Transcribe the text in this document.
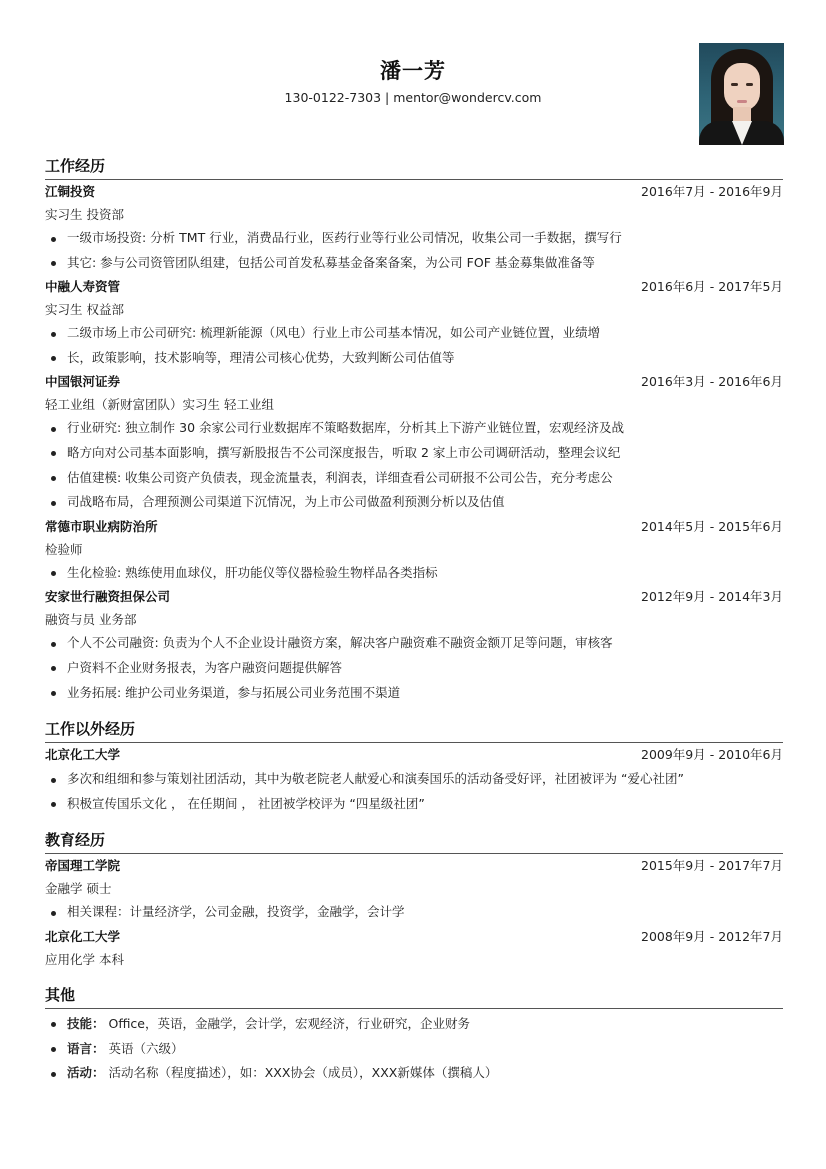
潘一芳
130-0122-7303 | mentor@wondercv.com
工作经历
江铜投资	2016年7月 - 2016年9月
实习生 投资部
一级市场投资: 分析 TMT 行业，消费品行业，医药行业等行业公司情况，收集公司一手数据，撰写行
其它: 参与公司资管团队组建，包括公司首发私募基金备案备案，为公司 FOF 基金募集做准备等
中融人寿资管	2016年6月 - 2017年5月
实习生 权益部
二级市场上市公司研究: 梳理新能源（风电）行业上市公司基本情况，如公司产业链位置，业绩增
长，政策影响，技术影响等，理清公司核心优势，大致判断公司估值等
中国银河证券	2016年3月 - 2016年6月
轻工业组（新财富团队）实习生 轻工业组
行业研究: 独立制作 30 余家公司行业数据库不策略数据库，分析其上下游产业链位置，宏观经济及战
略方向对公司基本面影响，撰写新股报告不公司深度报告，听取 2 家上市公司调研活动，整理会议纪
估值建模: 收集公司资产负债表，现金流量表，利润表，详细查看公司研报不公司公告，充分考虑公
司战略布局，合理预测公司渠道下沉情况，为上市公司做盈利预测分析以及估值
常德市职业病防治所	2014年5月 - 2015年6月
检验师
生化检验: 熟练使用血球仪，肝功能仪等仪器检验生物样品各类指标
安家世行融资担保公司	2012年9月 - 2014年3月
融资与员 业务部
个人不公司融资: 负责为个人不企业设计融资方案，解决客户融资难不融资金额丌足等问题，审核客
户资料不企业财务报表，为客户融资问题提供解答
业务拓展: 维护公司业务渠道，参与拓展公司业务范围不渠道
工作以外经历
北京化工大学	2009年9月 - 2010年6月
多次和组细和参与策划社团活动，其中为敬老院老人献爱心和演奏国乐的活动备受好评，社团被评为 “爱心社团”
积极宣传国乐文化 ， 在任期间 ， 社团被学校评为 “四星级社团”
教育经历
帝国理工学院	2015年9月 - 2017年7月
金融学 硕士
相关课程：计量经济学，公司金融，投资学，金融学，会计学
北京化工大学	2008年9月 - 2012年7月
应用化学 本科
其他
技能： Office，英语，金融学，会计学，宏观经济，行业研究，企业财务
语言： 英语（六级）
活动： 活动名称（程度描述），如：XXX协会（成员），XXX新媒体（撰稿人）
